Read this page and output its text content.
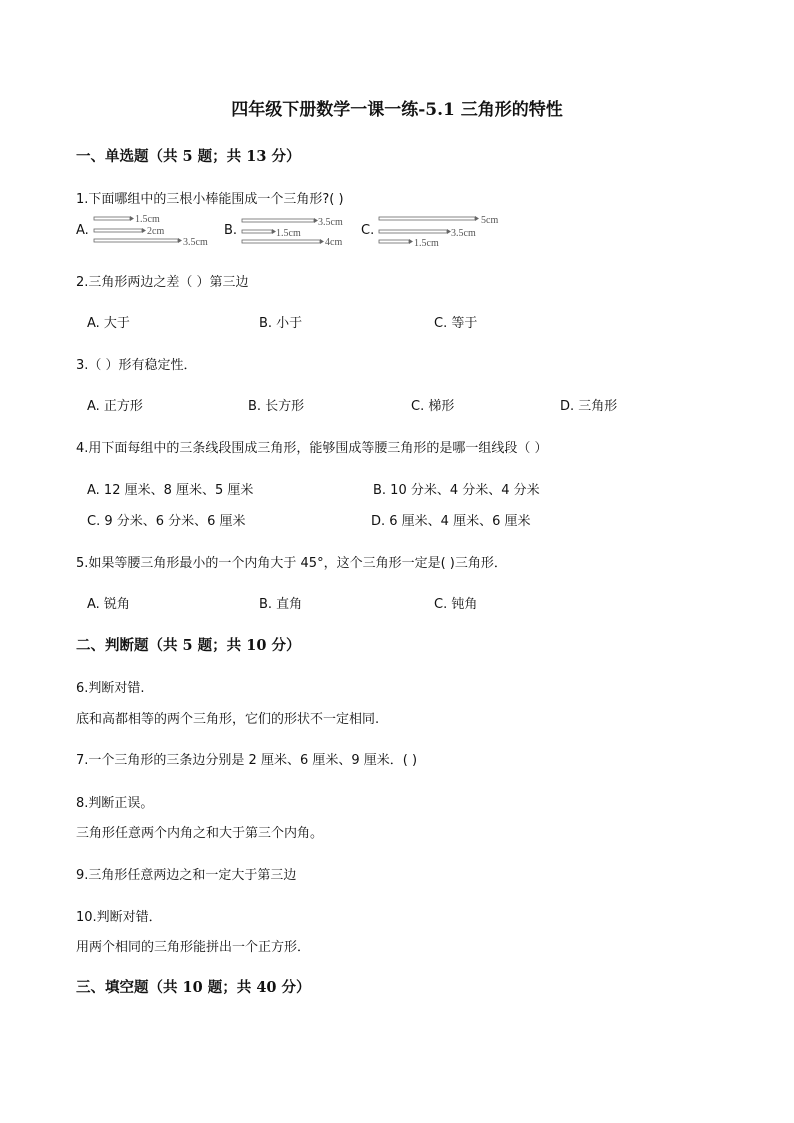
四年级下册数学一课一练-5.1 三角形的特性
一、单选题（共 5 题；共 13 分）
1.下面哪组中的三根小棒能围成一个三角形?( )
A.
1.5cm
2cm
3.5cm
B.
3.5cm
4cm
1.5cm	C.
5cm
3.5cm
1.5cm
2.三角形两边之差（ ）第三边
A. 大于	B. 小于	C. 等于
3.（ ）形有稳定性．
A. 正方形	B. 长方形	C. 梯形	D. 三角形
4.用下面每组中的三条线段围成三角形，能够围成等腰三角形的是哪一组线段（ ）
A. 12 厘米、8 厘米、5 厘米	B. 10 分米、4 分米、4 分米
C. 9 分米、6 分米、6 厘米	D. 6 厘米、4 厘米、6 厘米
5.如果等腰三角形最小的一个内角大于 45°，这个三角形一定是( )三角形．
A. 锐角	B. 直角	C. 钝角
二、判断题（共 5 题；共 10 分）
6.判断对错.
底和高都相等的两个三角形，它们的形状不一定相同.
7.一个三角形的三条边分别是 2 厘米、6 厘米、9 厘米．( )
8.判断正误。
三角形任意两个内角之和大于第三个内角。
9.三角形任意两边之和一定大于第三边
10.判断对错．
用两个相同的三角形能拼出一个正方形．
三、填空题（共 10 题；共 40 分）
